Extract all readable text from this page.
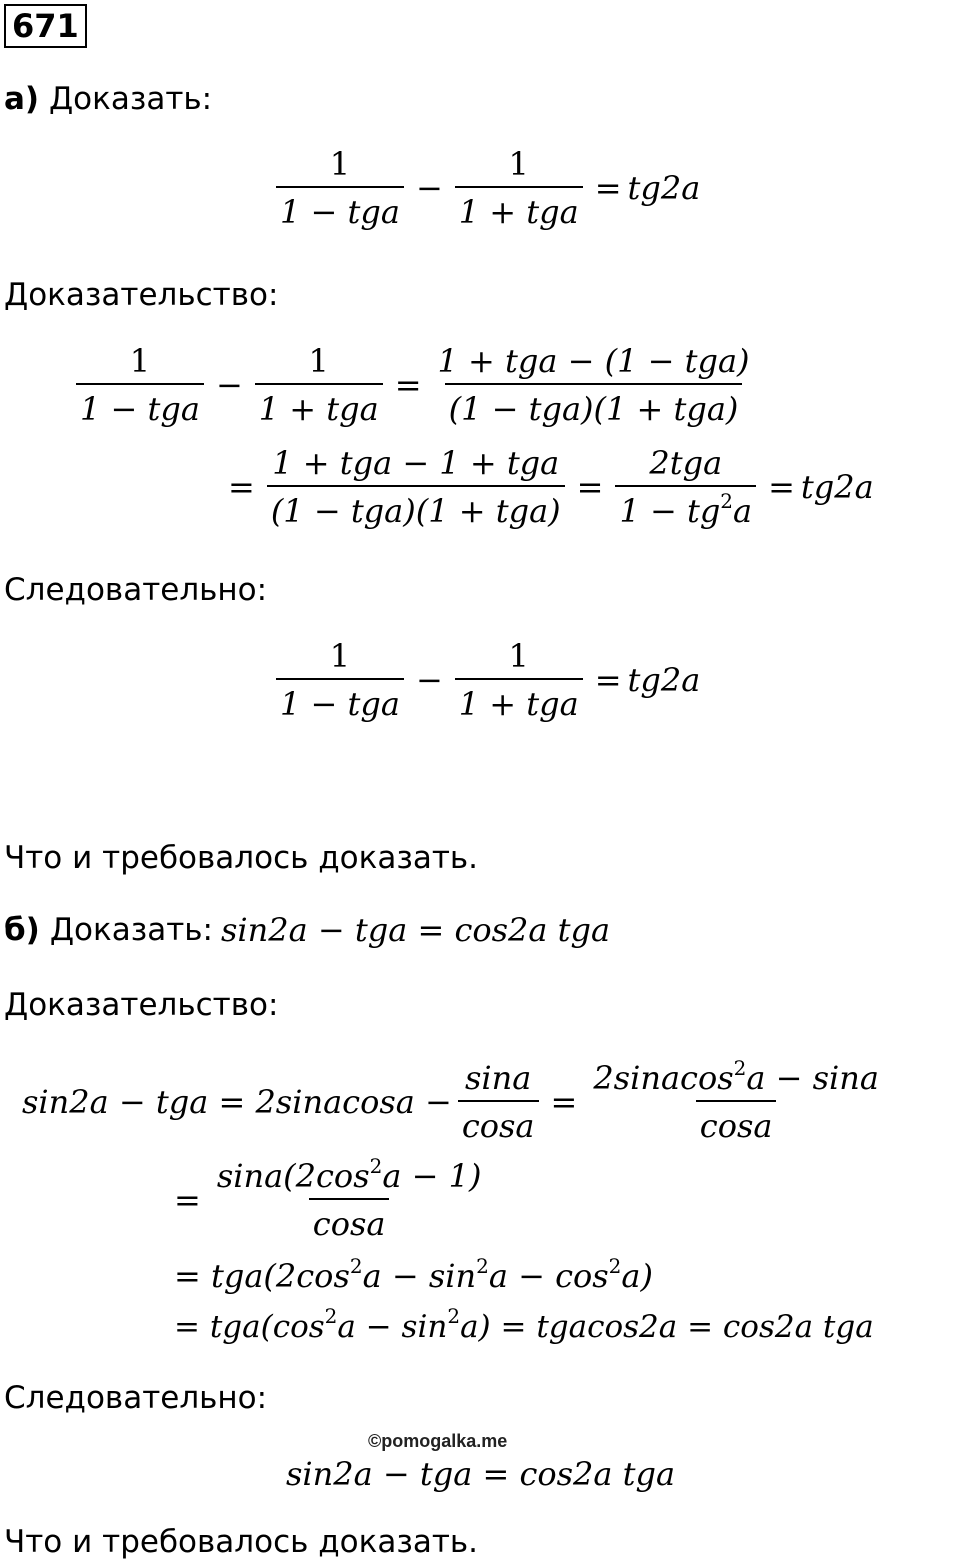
671
а) Доказать:
$\frac{1}{\text{1 − tga}} - \frac{1}{\text{1 + tga}} = tg2a$
Доказательство:
$\frac{1}{\text{1 − tga}} - \frac{1}{\text{1 + tga}} = \frac{\text{1 + tga − (1 − tga)}}{\text{(1 − tga)(1 + tga)}}$
= $\frac{\text{1 + tga − 1 + tga}}{\text{(1 − tga)(1 + tga)}} = \frac{\text{2tga}}{1 - tg^2a} = tg2a$
Следовательно:
$\frac{1}{\text{1 − tga}} - \frac{1}{\text{1 + tga}} = tg2a$
Что и требовалось доказать.
б) Доказать: sin2a − tga = cos2a tga
Доказательство:
sin2a − tga = 2sinacosa − $\frac{\sin a}{\cos a} = \frac{2sinacos^2a - \sin a}{\cos a}$
= $\frac{\sin a(2\cos^2a - 1)}{\cos a}$
= $tga(2\cos^2a - \sin^2a - \cos^2a)$
= $tga(\cos^2a - \sin^2a) = tgacos2a = \cos 2a$ tga
Следовательно:
©pomogalka.me
sin2a − tga = cos2a tga
Что и требовалось доказать.
